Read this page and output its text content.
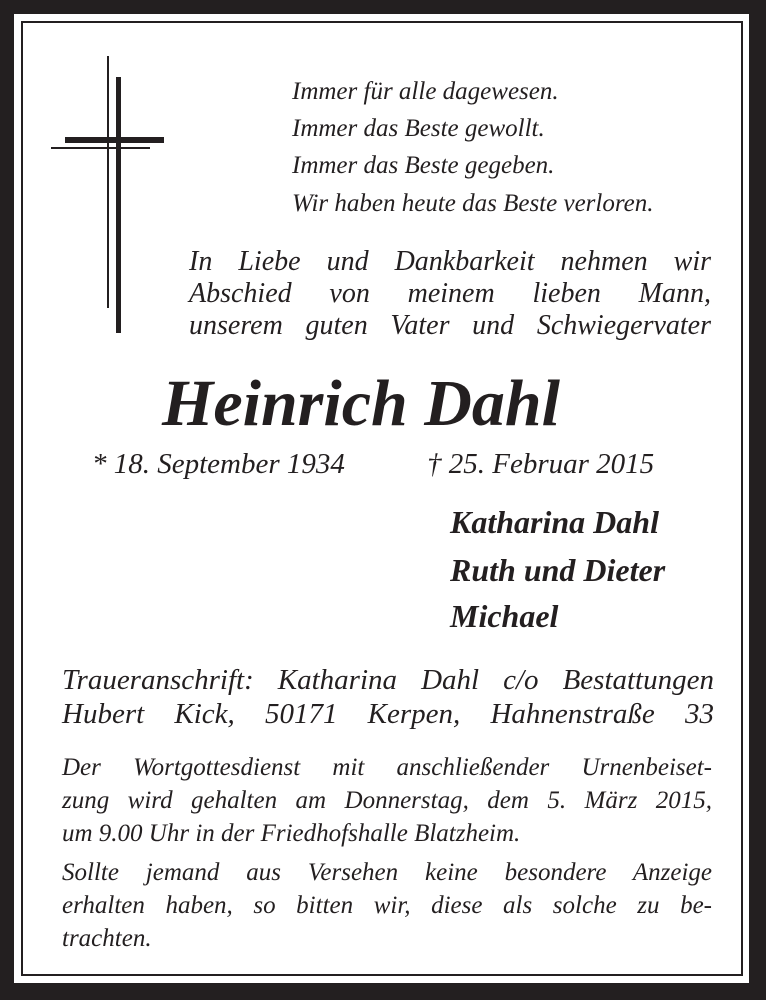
Immer für alle dagewesen.
Immer das Beste gewollt.
Immer das Beste gegeben.
Wir haben heute das Beste verloren.
In Liebe und Dankbarkeit nehmen wir
Abschied von meinem lieben Mann,
unserem guten Vater und Schwiegervater
Heinrich Dahl
* 18. September 1934	† 25. Februar 2015
Katharina Dahl
Ruth und Dieter
Michael
Traueranschrift: Katharina Dahl c/o Bestattungen
Hubert Kick, 50171 Kerpen, Hahnenstraße 33
Der Wortgottesdienst mit anschließender Urnenbeiset-
zung wird gehalten am Donnerstag, dem 5. März 2015,
um 9.00 Uhr in der Friedhofshalle Blatzheim.
Sollte jemand aus Versehen keine besondere Anzeige
erhalten haben, so bitten wir, diese als solche zu be-
trachten.
